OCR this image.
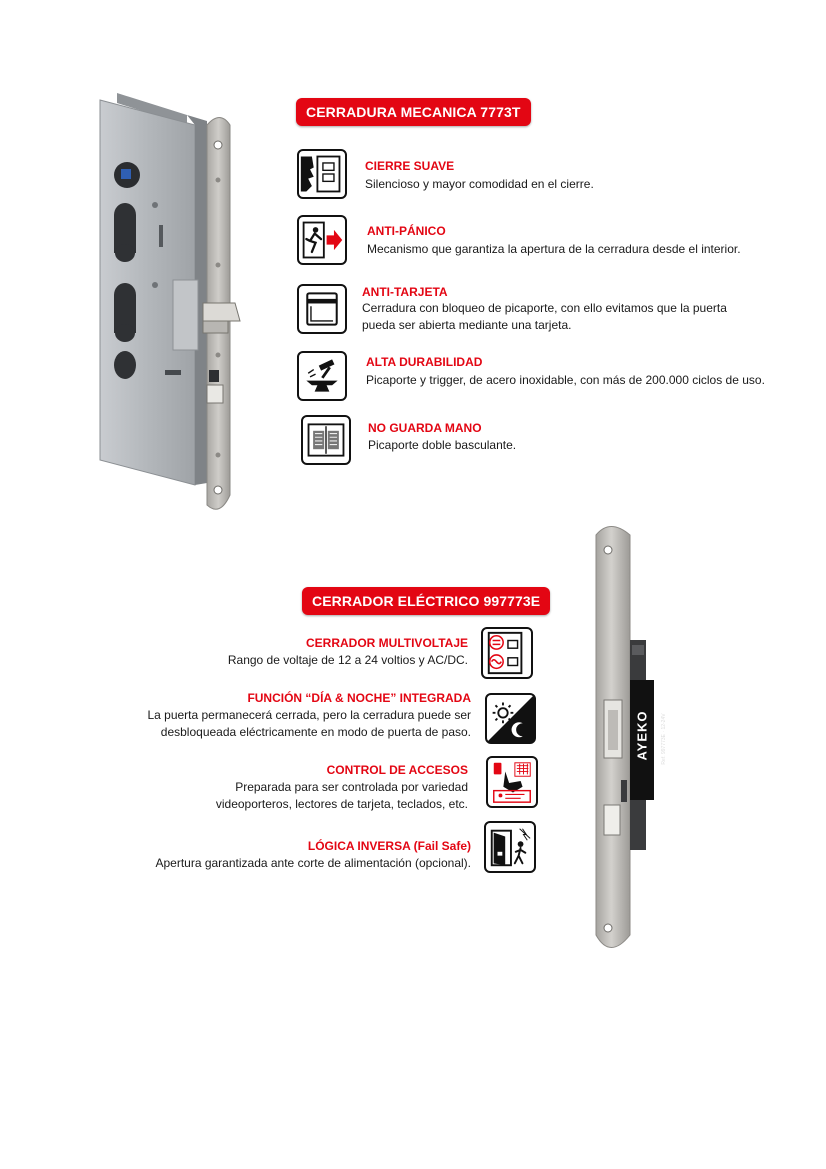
CERRADURA MECANICA 7773T
CIERRE SUAVE
Silencioso y mayor comodidad en el cierre.
ANTI-PÁNICO
Mecanismo que garantiza la apertura de la cerradura desde el interior.
ANTI-TARJETA
Cerradura con bloqueo de picaporte, con ello evitamos que la puerta
pueda ser abierta mediante una tarjeta.
ALTA DURABILIDAD
Picaporte y trigger, de acero inoxidable, con más de 200.000 ciclos de uso.
NO GUARDA MANO
Picaporte doble basculante.
CERRADOR ELÉCTRICO 997773E
CERRADOR MULTIVOLTAJE
Rango de voltaje de 12 a 24 voltios y AC/DC.
FUNCIÓN “DÍA & NOCHE” INTEGRADA
La puerta permanecerá cerrada, pero la cerradura puede ser
desbloqueada eléctricamente en modo de puerta de paso.
CONTROL DE ACCESOS
Preparada para ser controlada por variedad
videoporteros, lectores de tarjeta, teclados, etc.
LÓGICA INVERSA (Fail Safe)
Apertura garantizada ante corte de alimentación (opcional).
AYEKO Ref. 997773E · 12-24V
